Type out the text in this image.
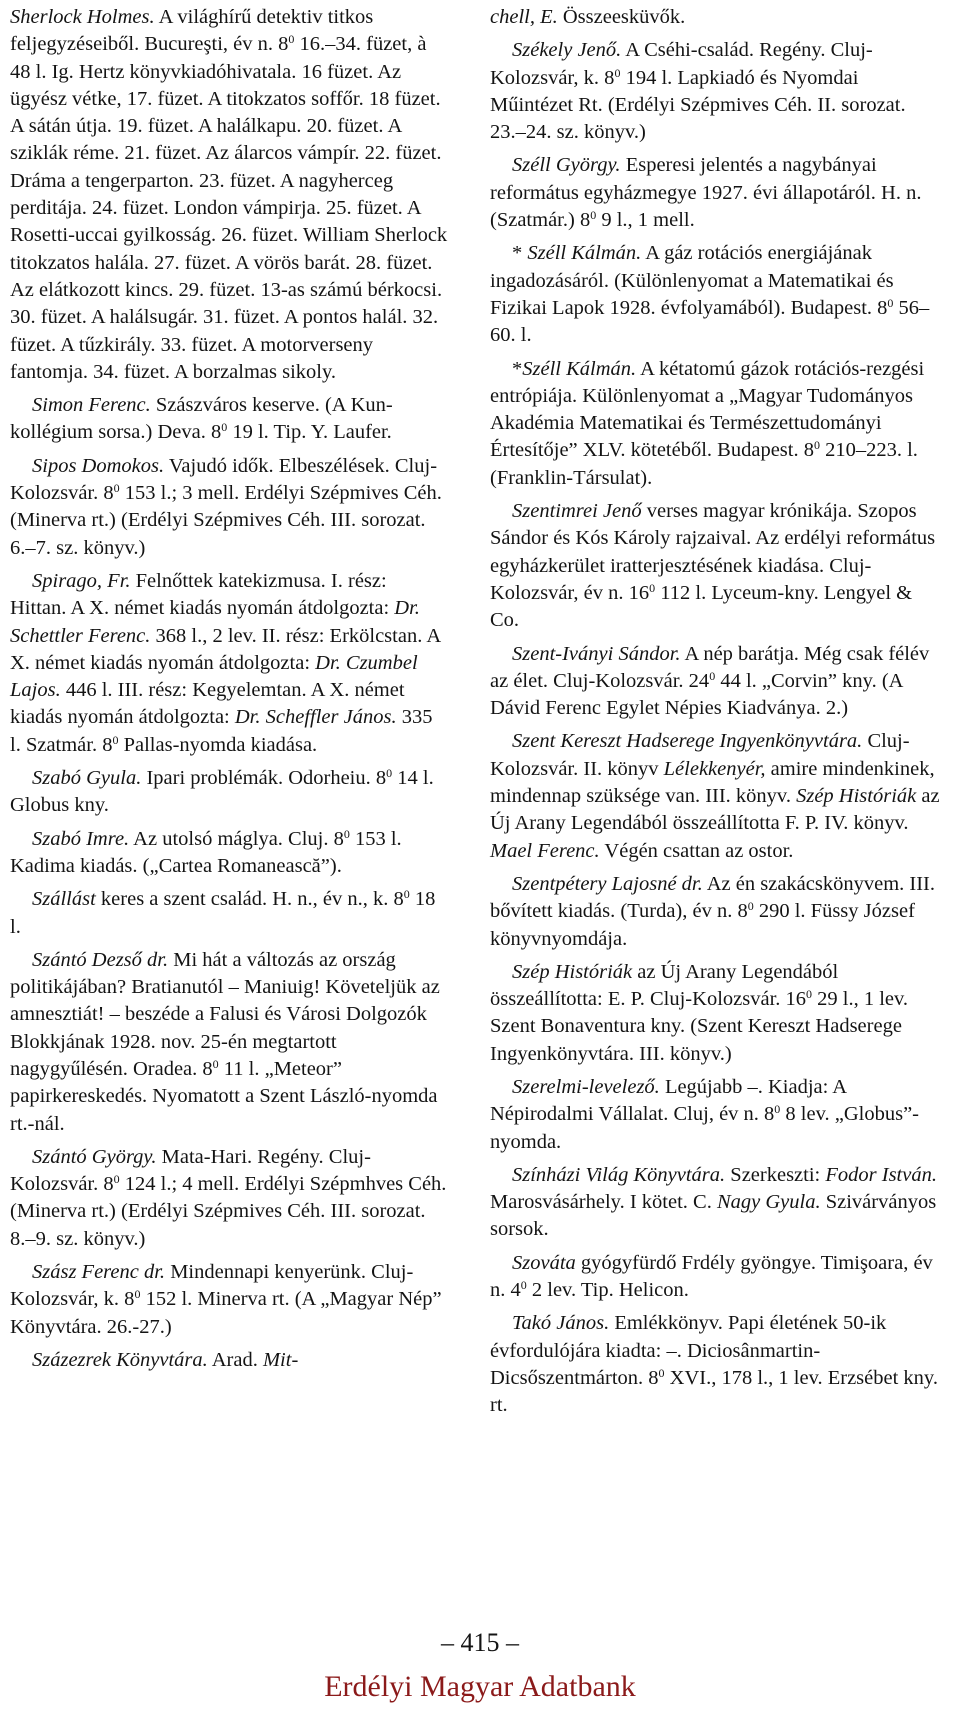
Sherlock Holmes. A világhírű detektiv titkos feljegyzéseiből. Bucureşti, év n. $8^0$ 16.–34. füzet, à 48 l. Ig. Hertz könyvkiadóhivatala. 16 füzet. Az ügyész vétke, 17. füzet. A titokzatos soffőr. 18 füzet. A sátán útja. 19. füzet. A halálkapu. 20. füzet. A sziklák réme. 21. füzet. Az álarcos vámpír. 22. füzet. Dráma a tengerparton. 23. füzet. A nagyherceg perditája. 24. füzet. London vámpirja. 25. füzet. A Rosetti-uccai gyilkosság. 26. füzet. William Sherlock titokzatos halála. 27. füzet. A vörös barát. 28. füzet. Az elátkozott kincs. 29. füzet. 13-as számú bérkocsi. 30. füzet. A halálsugár. 31. füzet. A pontos halál. 32. füzet. A tűzkirály. 33. füzet. A motorverseny fantomja. 34. füzet. A borzalmas sikoly.

Simon Ferenc. Szászváros keserve. (A Kun-kollégium sorsa.) Deva. $8^0$ 19 l. Tip. Y. Laufer.

Sipos Domokos. Vajudó idők. Elbeszélések. Cluj-Kolozsvár. $8^0$ 153 l.; 3 mell. Erdélyi Szépmives Céh. (Minerva rt.) (Erdélyi Szépmives Céh. III. sorozat. 6.–7. sz. könyv.)

Spirago, Fr. Felnőttek katekizmusa. I. rész: Hittan. A X. német kiadás nyomán átdolgozta: Dr. Schettler Ferenc. 368 l., 2 lev. II. rész: Erkölcstan. A X. német kiadás nyomán átdolgozta: Dr. Czumbel Lajos. 446 l. III. rész: Kegyelemtan. A X. német kiadás nyomán átdolgozta: Dr. Scheffler János. 335 l. Szatmár. $8^0$ Pallas-nyomda kiadása.

Szabó Gyula. Ipari problémák. Odorheiu. $8^0$ 14 l. Globus kny.

Szabó Imre. Az utolsó máglya. Cluj. $8^0$ 153 l. Kadima kiadás. („Cartea Romanească”).

Szállást keres a szent család. H. n., év n., k. $8^0$ 18 l.

Szántó Dezső dr. Mi hát a változás az ország politikájában? Bratianutól – Maniuig! Követeljük az amnesztiát! – beszéde a Falusi és Városi Dolgozók Blokkjának 1928. nov. 25-én megtartott nagygyűlésén. Oradea. $8^0$ 11 l. „Meteor” papirkereskedés. Nyomatott a Szent László-nyomda rt.-nál.

Szántó György. Mata-Hari. Regény. Cluj-Kolozsvár. $8^0$ 124 l.; 4 mell. Erdélyi Szépmhves Céh. (Minerva rt.) (Erdélyi Szépmives Céh. III. sorozat. 8.–9. sz. könyv.)

Szász Ferenc dr. Mindennapi kenyerünk. Cluj-Kolozsvár, k. $8^0$ 152 l. Minerva rt. (A „Magyar Nép” Könyvtára. 26.-27.)

Százezrek Könyvtára. Arad. Mit-

chell, E. Összeesküvők.

Székely Jenő. A Cséhi-család. Regény. Cluj-Kolozsvár, k. $8^0$ 194 l. Lapkiadó és Nyomdai Műintézet Rt. (Erdélyi Szépmives Céh. II. sorozat. 23.–24. sz. könyv.)

Széll György. Esperesi jelentés a nagybányai református egyházmegye 1927. évi állapotáról. H. n. (Szatmár.) $8^0$ 9 l., 1 mell.

* Széll Kálmán. A gáz rotációs energiájának ingadozásáról. (Különlenyomat a Matematikai és Fizikai Lapok 1928. évfolyamából). Budapest. $8^0$ 56–60. l.

*Széll Kálmán. A kétatomú gázok rotációs-rezgési entrópiája. Különlenyomat a „Magyar Tudományos Akadémia Matematikai és Természettudományi Értesítője” XLV. kötetéből. Budapest. $8^0$ 210–223. l. (Franklin-Társulat).

Szentimrei Jenő verses magyar krónikája. Szopos Sándor és Kós Károly rajzaival. Az erdélyi református egyházkerület iratterjesztésének kiadása. Cluj-Kolozsvár, év n. $16^0$ 112 l. Lyceum-kny. Lengyel & Co.

Szent-Iványi Sándor. A nép barátja. Még csak félév az élet. Cluj-Kolozsvár. $24^0$ 44 l. „Corvin” kny. (A Dávid Ferenc Egylet Népies Kiadványa. 2.)

Szent Kereszt Hadserege Ingyenkönyvtára. Cluj-Kolozsvár. II. könyv Lélekkenyér, amire mindenkinek, mindennap szüksége van. III. könyv. Szép Históriák az Új Arany Legendából összeállította F. P. IV. könyv. Mael Ferenc. Végén csattan az ostor.

Szentpétery Lajosné dr. Az én szakácskönyvem. III. bővített kiadás. (Turda), év n. $8^0$ 290 l. Füssy József könyvnyomdája.

Szép Históriák az Új Arany Legendából összeállította: E. P. Cluj-Kolozsvár. $16^0$ 29 l., 1 lev. Szent Bonaventura kny. (Szent Kereszt Hadserege Ingyenkönyvtára. III. könyv.)

Szerelmi-levelező. Legújabb –. Kiadja: A Népirodalmi Vállalat. Cluj, év n. $8^0$ 8 lev. „Globus”-nyomda.

Színházi Világ Könyvtára. Szerkeszti: Fodor István. Marosvásárhely. I kötet. C. Nagy Gyula. Szivárványos sorsok.

Szováta gyógyfürdő Frdély gyöngye. Timişoara, év n. $4^0$ 2 lev. Tip. Helicon.

Takó János. Emlékkönyv. Papi életének 50-ik évfordulójára kiadta: –. Diciosânmartin-Dicsőszentmárton. $8^0$ XVI., 178 l., 1 lev. Erzsébet kny. rt.

– 415 –
Erdélyi Magyar Adatbank
